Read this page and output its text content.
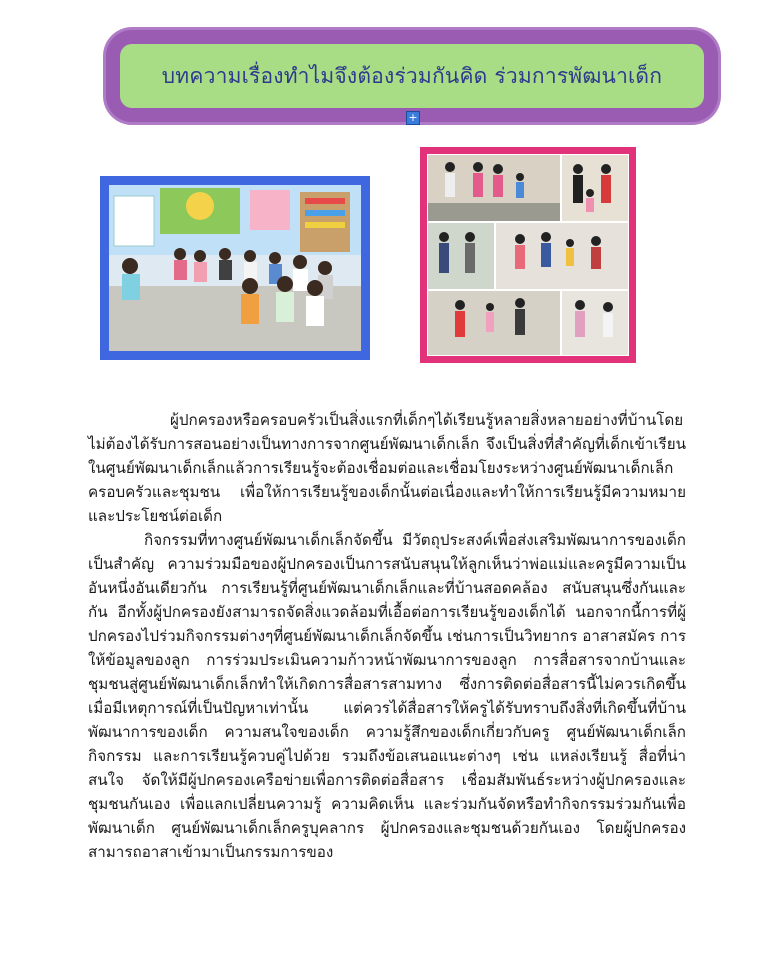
บทความเรื่องทำไมจึงต้องร่วมกันคิด ร่วมการพัฒนาเด็ก
+

ผู้ปกครองหรือครอบครัวเป็นสิ่งแรกที่เด็กๆได้เรียนรู้หลายสิ่งหลายอย่างที่บ้านโดยไม่ต้องได้รับการสอนอย่างเป็นทางการจากศูนย์พัฒนาเด็กเล็ก จึงเป็นสิ่งที่สำคัญที่เด็กเข้าเรียนในศูนย์พัฒนาเด็กเล็กแล้วการเรียนรู้จะต้องเชื่อมต่อและเชื่อมโยงระหว่างศูนย์พัฒนาเด็กเล็ก ครอบครัวและชุมชน เพื่อให้การเรียนรู้ของเด็กนั้นต่อเนื่องและทำให้การเรียนรู้มีความหมายและประโยชน์ต่อเด็ก

กิจกรรมที่ทางศูนย์พัฒนาเด็กเล็กจัดขึ้น มีวัตถุประสงค์เพื่อส่งเสริมพัฒนาการของเด็กเป็นสำคัญ ความร่วมมือของผู้ปกครองเป็นการสนับสนุนให้ลูกเห็นว่าพ่อแม่และครูมีความเป็นอันหนึ่งอันเดียวกัน การเรียนรู้ที่ศูนย์พัฒนาเด็กเล็กและที่บ้านสอดคล้อง สนับสนุนซึ่งกันและกัน อีกทั้งผู้ปกครองยังสามารถจัดสิ่งแวดล้อมที่เอื้อต่อการเรียนรู้ของเด็กได้ นอกจากนี้การที่ผู้ปกครองไปร่วมกิจกรรมต่างๆที่ศูนย์พัฒนาเด็กเล็กจัดขึ้น เช่นการเป็นวิทยากร อาสาสมัคร การให้ข้อมูลของลูก การร่วมประเมินความก้าวหน้าพัฒนาการของลูก การสื่อสารจากบ้านและชุมชนสู่ศูนย์พัฒนาเด็กเล็กทำให้เกิดการสื่อสารสามทาง ซึ่งการติดต่อสื่อสารนี้ไม่ควรเกิดขึ้นเมื่อมีเหตุการณ์ที่เป็นปัญหาเท่านั้น แต่ควรได้สื่อสารให้ครูได้รับทราบถึงสิ่งที่เกิดขึ้นที่บ้าน พัฒนาการของเด็ก ความสนใจของเด็ก ความรู้สึกของเด็กเกี่ยวกับครู ศูนย์พัฒนาเด็กเล็ก กิจกรรม และการเรียนรู้ควบคู่ไปด้วย รวมถึงข้อเสนอแนะต่างๆ เช่น แหล่งเรียนรู้ สื่อที่น่าสนใจ จัดให้มีผู้ปกครองเครือข่ายเพื่อการติดต่อสื่อสาร เชื่อมสัมพันธ์ระหว่างผู้ปกครองและชุมชนกันเอง เพื่อแลกเปลี่ยนความรู้ ความคิดเห็น และร่วมกันจัดหรือทำกิจกรรมร่วมกันเพื่อพัฒนาเด็ก ศูนย์พัฒนาเด็กเล็กครูบุคลากร ผู้ปกครองและชุมชนด้วยกันเอง โดยผู้ปกครองสามารถอาสาเข้ามาเป็นกรรมการของ
